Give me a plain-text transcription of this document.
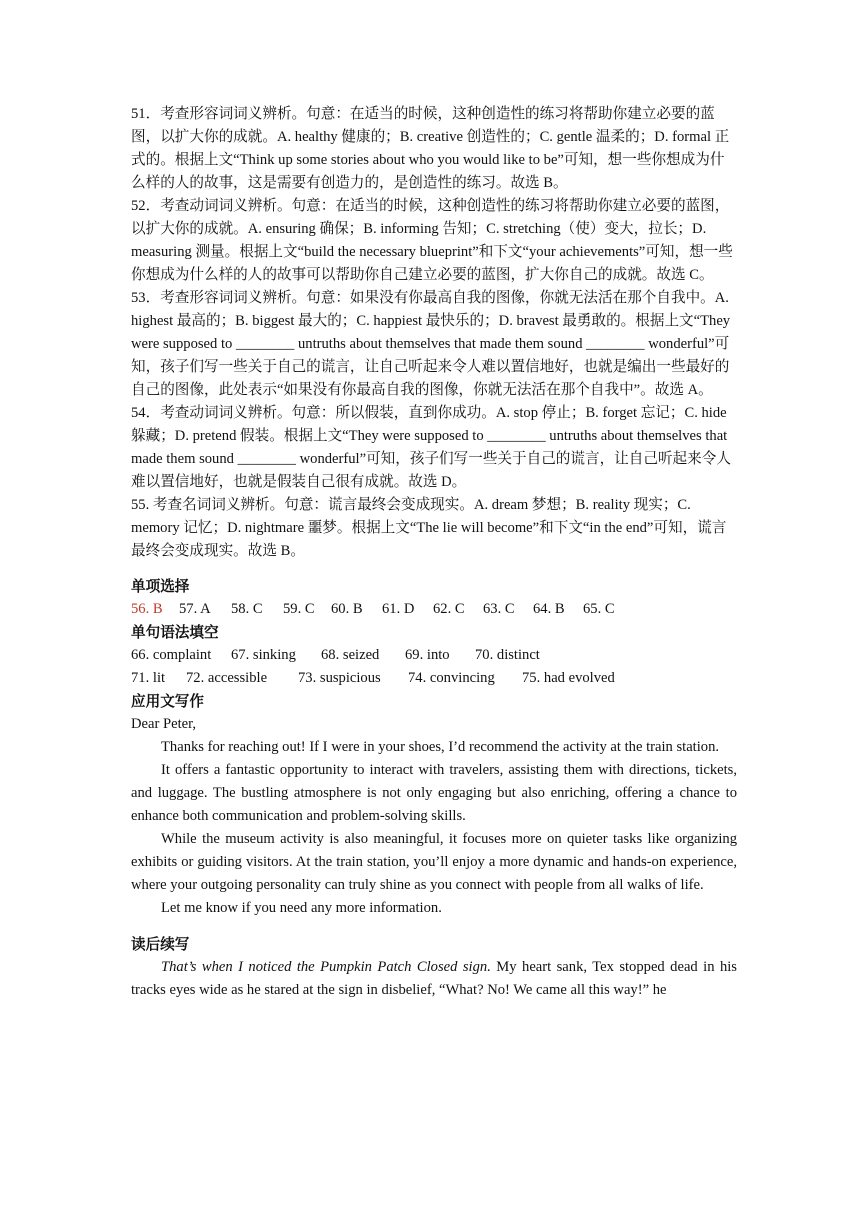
51．考查形容词词义辨析。句意：在适当的时候，这种创造性的练习将帮助你建立必要的蓝图，以扩大你的成就。A. healthy 健康的；B. creative 创造性的；C. gentle 温柔的；D. formal 正式的。根据上文“Think up some stories about who you would like to be”可知，想一些你想成为什么样的人的故事，这是需要有创造力的，是创造性的练习。故选 B。

52．考查动词词义辨析。句意：在适当的时候，这种创造性的练习将帮助你建立必要的蓝图，以扩大你的成就。A. ensuring 确保；B. informing 告知；C. stretching（使）变大，拉长；D. measuring 测量。根据上文“build the necessary blueprint”和下文“your achievements”可知，想一些你想成为什么样的人的故事可以帮助你自己建立必要的蓝图，扩大你自己的成就。故选 C。

53．考查形容词词义辨析。句意：如果没有你最高自我的图像，你就无法活在那个自我中。A. highest 最高的；B. biggest 最大的；C. happiest 最快乐的；D. bravest 最勇敢的。根据上文“They were supposed to ________ untruths about themselves that made them sound ________ wonderful”可知，孩子们写一些关于自己的谎言，让自己听起来令人难以置信地好，也就是编出一些最好的自己的图像，此处表示“如果没有你最高自我的图像，你就无法活在那个自我中”。故选 A。

54．考查动词词义辨析。句意：所以假装，直到你成功。A. stop 停止；B. forget 忘记；C. hide 躲藏；D. pretend 假装。根据上文“They were supposed to ________ untruths about themselves that made them sound ________ wonderful”可知，孩子们写一些关于自己的谎言，让自己听起来令人难以置信地好，也就是假装自己很有成就。故选 D。

55. 考查名词词义辨析。句意：谎言最终会变成现实。A. dream 梦想；B. reality 现实；C. memory 记忆；D. nightmare 噩梦。根据上文“The lie will become”和下文“in the end”可知，谎言最终会变成现实。故选 B。

单项选择

56. B	57. A	58. C	59. C	60. B	61. D	62. C	63. C	64. B	65. C

单句语法填空

66. complaint	67. sinking	68. seized	69. into	70. distinct
71. lit	72. accessible	73. suspicious	74. convincing	75. had evolved

应用文写作

Dear Peter,

Thanks for reaching out! If I were in your shoes, I’d recommend the activity at the train station.

It offers a fantastic opportunity to interact with travelers, assisting them with directions, tickets, and luggage. The bustling atmosphere is not only engaging but also enriching, offering a chance to enhance both communication and problem-solving skills.

While the museum activity is also meaningful, it focuses more on quieter tasks like organizing exhibits or guiding visitors. At the train station, you’ll enjoy a more dynamic and hands-on experience, where your outgoing personality can truly shine as you connect with people from all walks of life.

Let me know if you need any more information.

读后续写

That’s when I noticed the Pumpkin Patch Closed sign. My heart sank, Tex stopped dead in his tracks eyes wide as he stared at the sign in disbelief, “What? No! We came all this way!” he
